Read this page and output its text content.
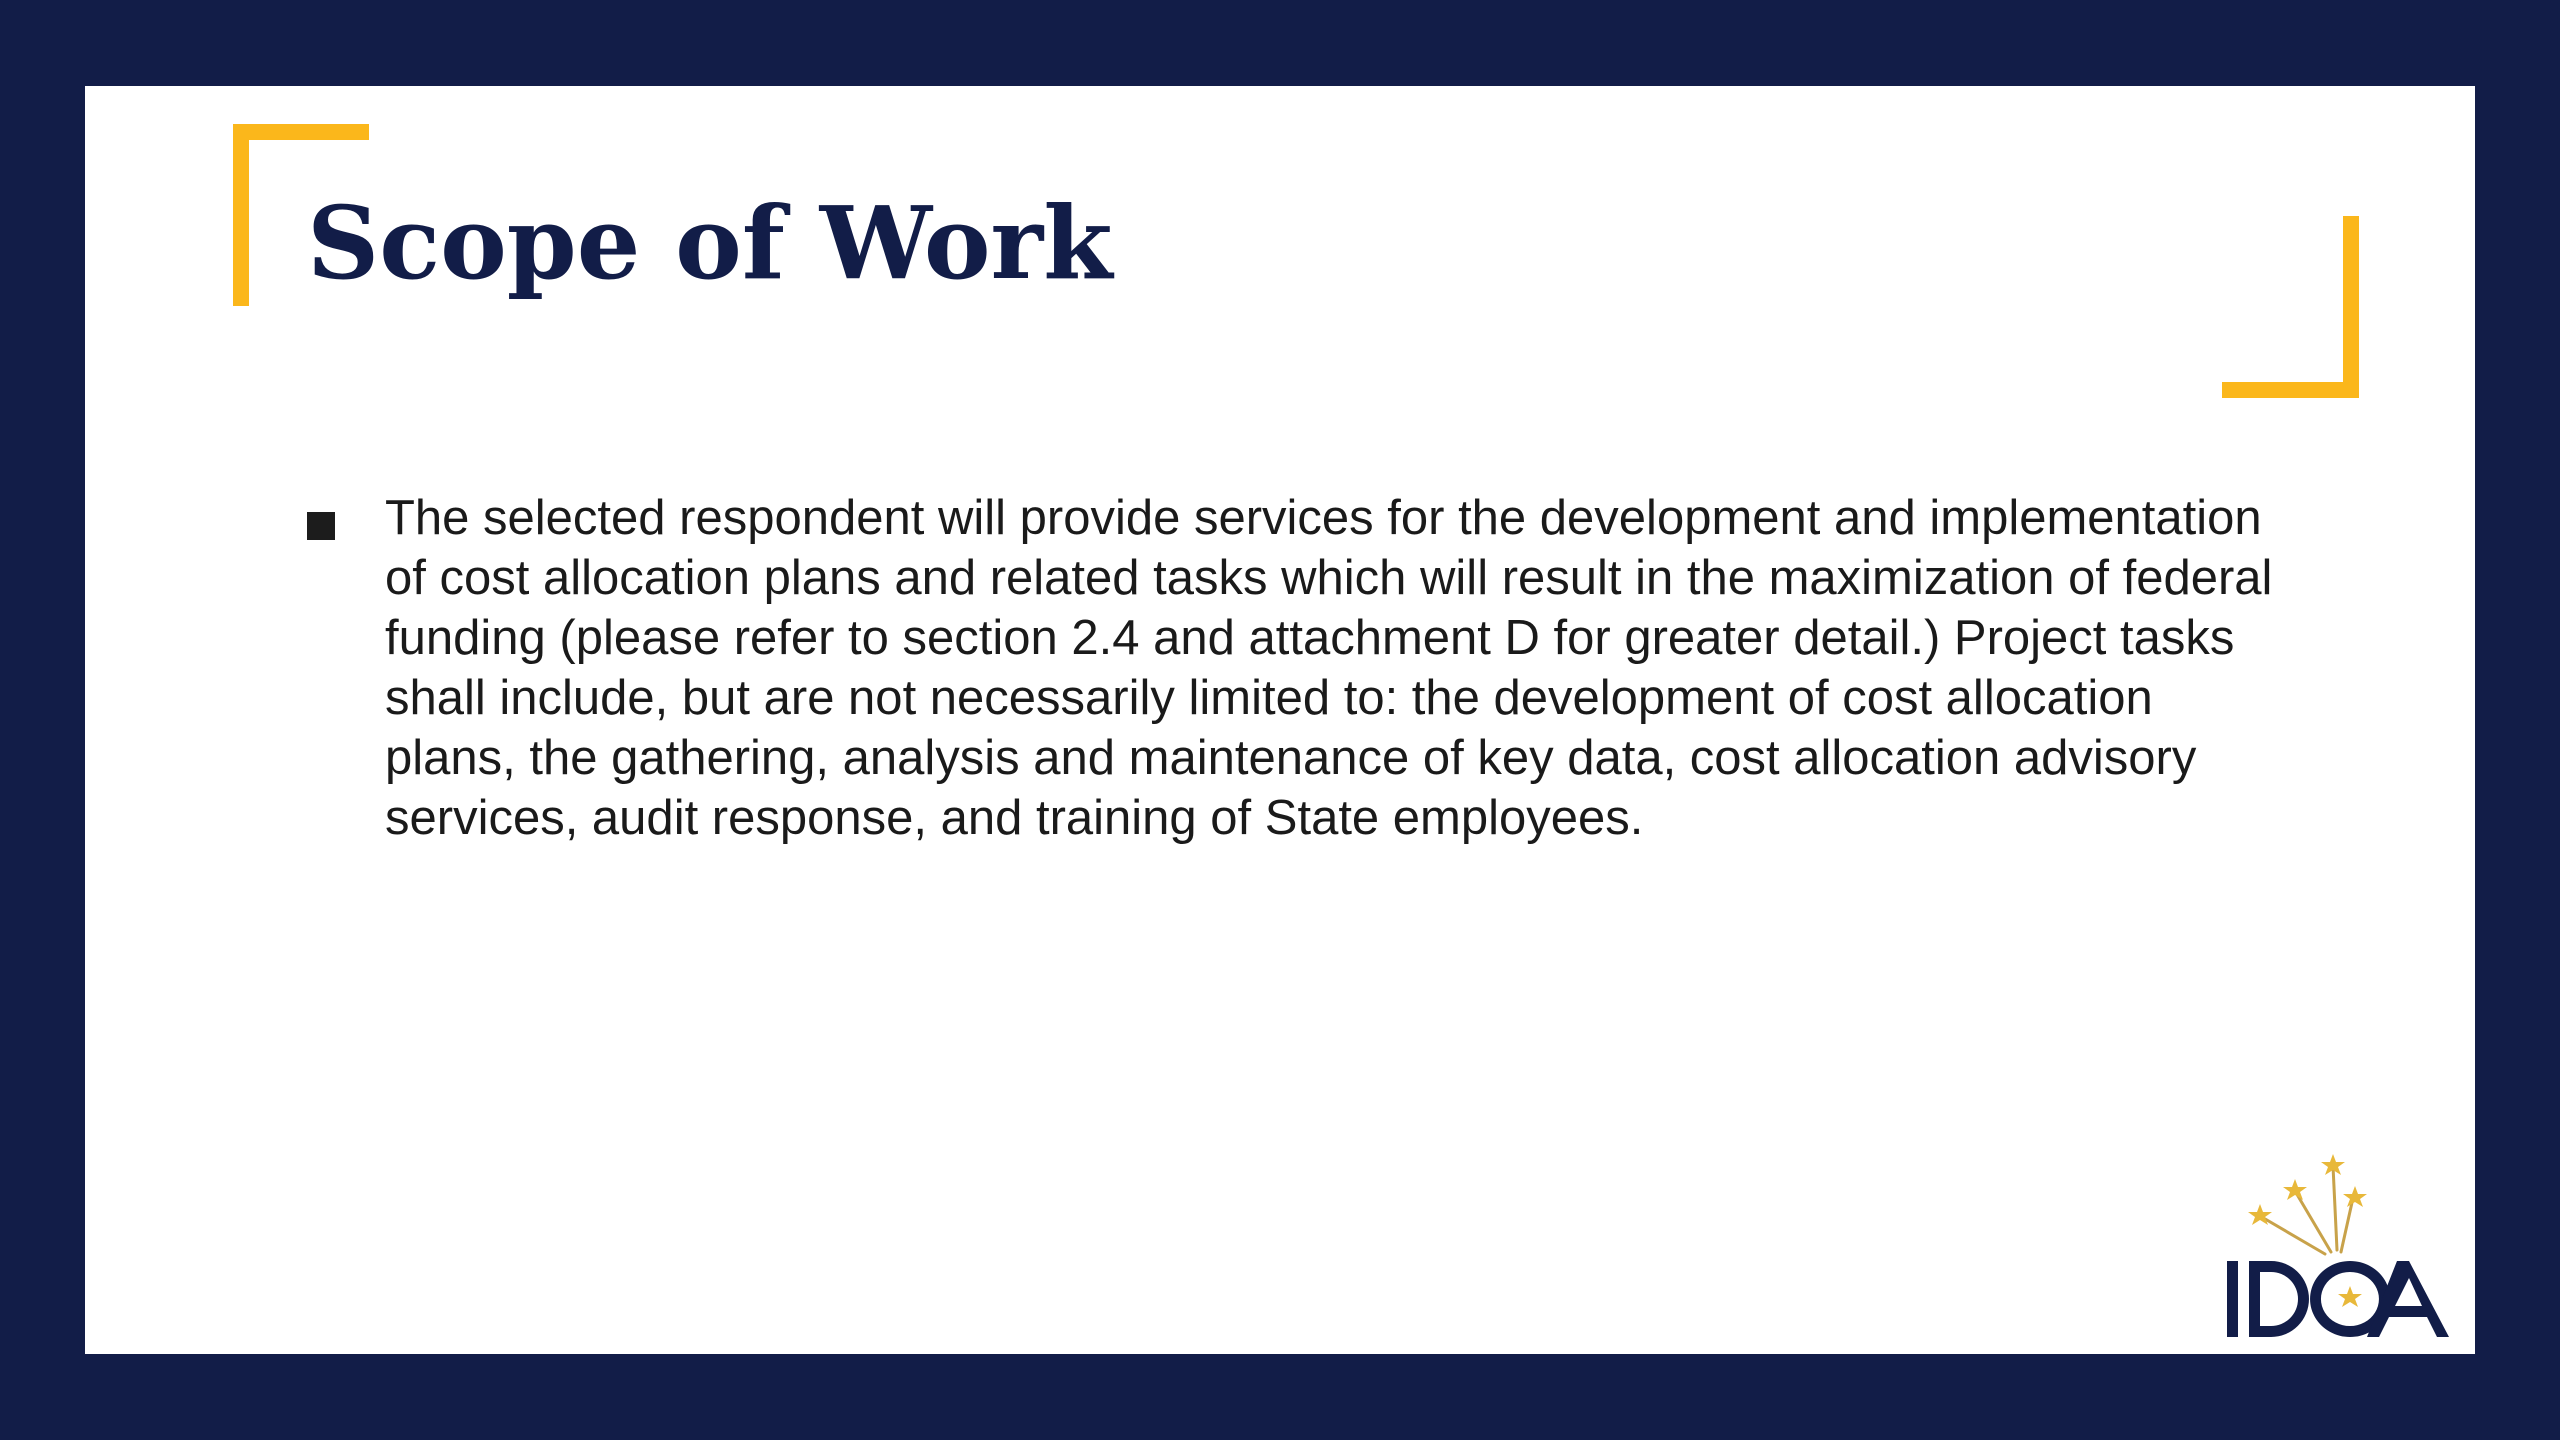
Scope of Work
The selected respondent will provide services for the development and implementation of cost allocation plans and related tasks which will result in the maximization of federal funding (please refer to section 2.4 and attachment D for greater detail.) Project tasks shall include, but are not necessarily limited to: the development of cost allocation plans, the gathering, analysis and maintenance of key data, cost allocation advisory services, audit response, and training of State employees.
